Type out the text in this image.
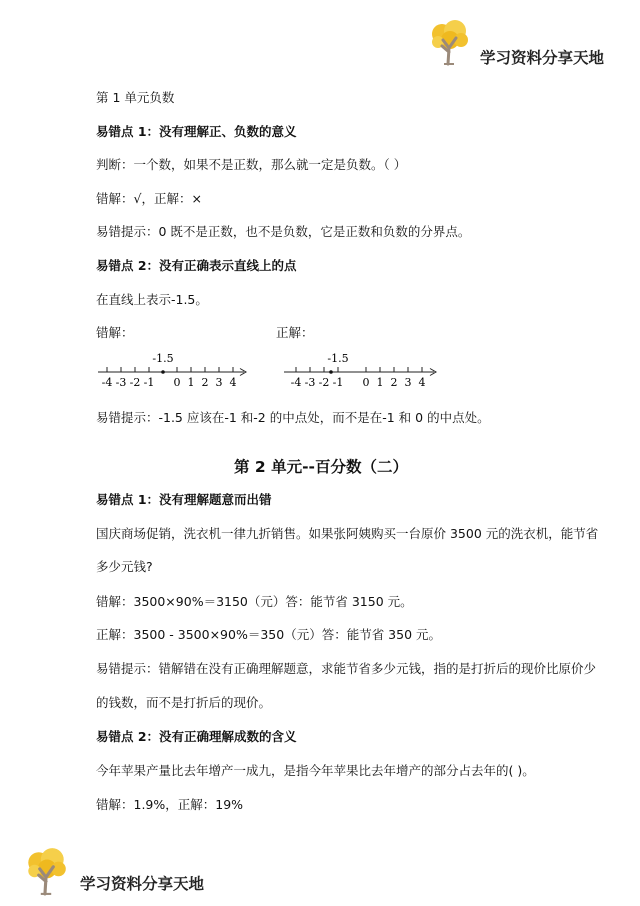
学习资料分享天地
第 1 单元负数
易错点 1：没有理解正、负数的意义
判断：一个数，如果不是正数，那么就一定是负数。（ ）
错解：√，正解：×
易错提示：0 既不是正数，也不是负数，它是正数和负数的分界点。
易错点 2：没有正确表示直线上的点
在直线上表示-1.5。
错解：	正解：
-1.5
-4 -3 -2 -1 0 1 2 3 4
-1.5
-4 -3 -2 -1 0 1 2 3 4
易错提示：-1.5 应该在-1 和-2 的中点处，而不是在-1 和 0 的中点处。
第 2 单元--百分数（二）
易错点 1：没有理解题意而出错
国庆商场促销，洗衣机一律九折销售。如果张阿姨购买一台原价 3500 元的洗衣机，能节省
多少元钱?
错解：3500×90%＝3150（元）答：能节省 3150 元。
正解：3500 - 3500×90%＝350（元）答：能节省 350 元。
易错提示：错解错在没有正确理解题意，求能节省多少元钱，指的是打折后的现价比原价少
的钱数，而不是打折后的现价。
易错点 2：没有正确理解成数的含义
今年苹果产量比去年增产一成九，是指今年苹果比去年增产的部分占去年的( )。
错解：1.9%，正解：19%
学习资料分享天地
